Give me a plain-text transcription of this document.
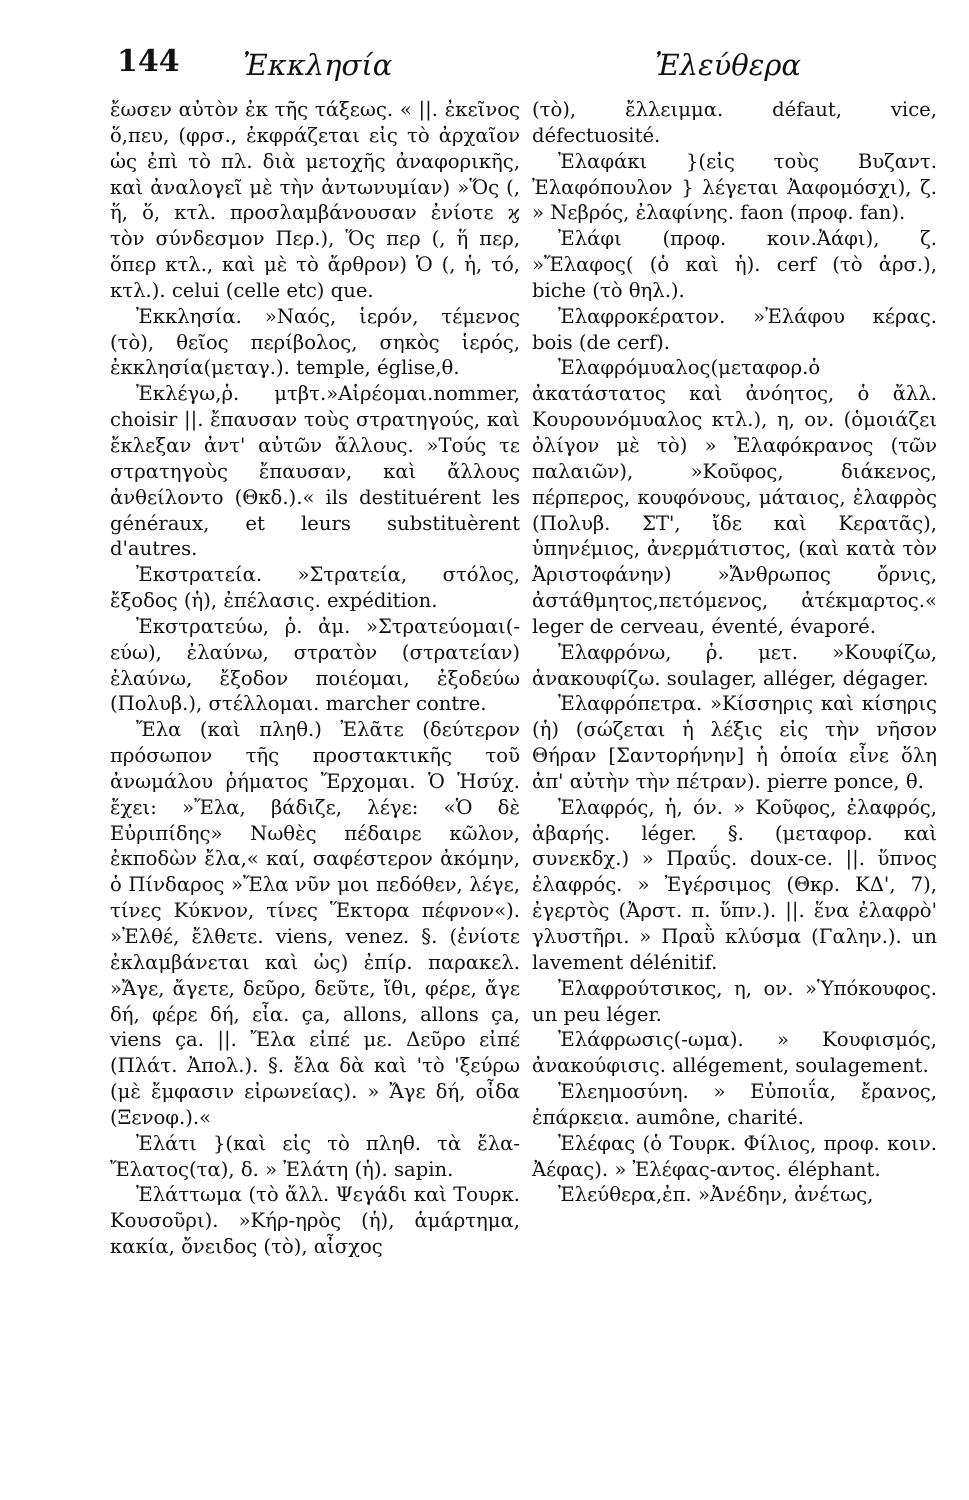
144 Ἐκκλησία	Ἐλεύθερα

ἔωσεν αὐτὸν ἐκ τῆς τάξεως. « ||. ἐκεῖνος ὅ,πευ, (φρσ., ἐκφράζεται εἰς τὸ ἀρχαῖον ὡς ἐπὶ τὸ πλ. διὰ μετοχῆς ἀναφορικῆς, καὶ ἀναλογεῖ μὲ τὴν ἀντωνυμίαν) »Ὅς (, ἥ, ὅ, κτλ. προσλαμβάνουσαν ἐνίοτε ϗ τὸν σύνδεσμον Περ.), Ὅς περ (, ἥ περ, ὅπερ κτλ., καὶ μὲ τὸ ἄρθρον) Ὁ (, ἡ, τό, κτλ.). celui (celle etc) que.

Ἐκκλησία. »Ναός, ἱερόν, τέμενος (τὸ), θεῖος περίβολος, σηκὸς ἱερός, ἐκκλησία(μεταγ.). temple, église,θ.

Ἐκλέγω,ῥ. μτβτ.»Αἱρέομαι.nommer, choisir ||. ἔπαυσαν τοὺς στρατηγούς, καὶ ἔκλεξαν ἀντ' αὐτῶν ἄλλους. »Τούς τε στρατηγοὺς ἔπαυσαν, καὶ ἄλλους ἀνθείλοντο (Θκδ.).« ils destituérent les généraux, et leurs substituèrent d'autres.

Ἐκστρατεία. »Στρατεία, στόλος, ἔξοδος (ἡ), ἐπέλασις. expédition.

Ἐκστρατεύω, ῥ. ἀμ. »Στρατεύομαι(-εύω), ἐλαύνω, στρατὸν (στρατείαν) ἐλαύνω, ἔξοδον ποιέομαι, ἐξοδεύω (Πολυβ.), στέλλομαι. marcher contre.

Ἔλα (καὶ πληθ.) Ἐλᾶτε (δεύτερον πρόσωπον τῆς προστακτικῆς τοῦ ἀνωμάλου ῥήματος Ἔρχομαι. Ὁ Ἡσύχ. ἔχει: »Ἔλα, βάδιζε, λέγε: «Ὁ δὲ Εὐριπίδης» Νωθὲς πέδαιρε κῶλον, ἐκποδὼν ἔλα,« καί, σαφέστερον ἀκόμην, ὁ Πίνδαρος »Ἔλα νῦν μοι πεδόθεν, λέγε, τίνες Κύκνον, τίνες Ἕκτορα πέφνον«). »Ἐλθέ, ἔλθετε. viens, venez. §. (ἐνίοτε ἐκλαμβάνεται καὶ ὡς) ἐπίρ. παρακελ. »Ἄγε, ἄγετε, δεῦρο, δεῦτε, ἴθι, φέρε, ἄγε δή, φέρε δή, εἶα. ça, allons, allons ça, viens ça. ||. Ἔλα εἰπέ με. Δεῦρο εἰπέ (Πλάτ. Ἀπολ.). §. ἔλα δὰ καὶ 'τὸ 'ξεύρω (μὲ ἔμφασιν εἰρωνείας). » Ἄγε δή, οἶδα (Ξενοφ.).«

Ἐλάτι }(καὶ εἰς τὸ πληθ. τὰ ἔλα-Ἔλατος(τα), δ. » Ἐλάτη (ἡ). sapin.

Ἐλάττωμα (τὸ ἄλλ. Ψεγάδι καὶ Τουρκ. Κουσοῦρι). »Κήρ-ηρὸς (ἡ), ἁμάρτημα, κακία, ὄνειδος (τὸ), αἶσχος

(τὸ), ἔλλειμμα. défaut, vice, défectuosité.

Ἐλαφάκι }(εἰς τοὺς Βυζαντ. Ἐλαφόπουλον } λέγεται Ἀαφομόσχι), ζ. » Νεβρός, ἐλαφίνης. faon (προφ. fan).

Ἐλάφι (προφ. κοιν.Ἀάφι), ζ. »Ἔλαφος( (ὁ καὶ ἡ). cerf (τὸ ἀρσ.), biche (τὸ θηλ.).

Ἐλαφροκέρατον. »Ἐλάφου κέρας. bois (de cerf).

Ἐλαφρόμυαλος(μεταφορ.ὁ ἀκατάστατος καὶ ἀνόητος, ὁ ἄλλ. Κουρουνόμυαλος κτλ.), η, ον. (ὁμοιάζει ὀλίγον μὲ τὸ) » Ἐλαφόκρανος (τῶν παλαιῶν), »Κοῦφος, διάκενος, πέρπερος, κουφόνους, μάταιος, ἐλαφρὸς (Πολυβ. ΣΤ', ἴδε καὶ Κερατᾶς), ὑπηνέμιος, ἀνερμάτιστος, (καὶ κατὰ τὸν Ἀριστοφάνην) »Ἄνθρωπος ὄρνις, ἀστάθμητος,πετόμενος, ἀτέκμαρτος.« leger de cerveau, éventé, évaporé.

Ἐλαφρόνω, ῥ. μετ. »Κουφίζω, ἀνακουφίζω. soulager, alléger, dégager.

Ἐλαφρόπετρα. »Κίσσηρις καὶ κίσηρις (ἡ) (σώζεται ἡ λέξις εἰς τὴν νῆσον Θήραν [Σαντορήνην] ἡ ὁποία εἶνε ὅλη ἀπ' αὐτὴν τὴν πέτραν). pierre ponce, θ.

Ἐλαφρός, ἡ, όν. » Κοῦφος, ἐλαφρός, ἀβαρής. léger. §. (μεταφορ. καὶ συνεκδχ.) » Πραΰς. doux-ce. ||. ὕπνος ἐλαφρός. » Ἐγέρσιμος (Θκρ. ΚΔ', 7), ἐγερτὸς (Ἀρστ. π. ὕπν.). ||. ἕνα ἐλαφρὸ' γλυστῆρι. » Πραῢ κλύσμα (Γαλην.). un lavement délénitif.

Ἐλαφρούτσικος, η, ον. »Ὑπόκουφος. un peu léger.

Ἐλάφρωσις(-ωμα). » Κουφισμός, ἀνακούφισις. allégement, soulagement.

Ἐλεημοσύνη. » Εὐποιΐα, ἔρανος, ἐπάρκεια. aumône, charité.

Ἐλέφας (ὁ Τουρκ. Φίλιος, προφ. κοιν. Ἀέφας). » Ἐλέφας-αντος. éléphant.

Ἐλεύθερα,ἐπ. »Ἀνέδην, ἀνέτως,
